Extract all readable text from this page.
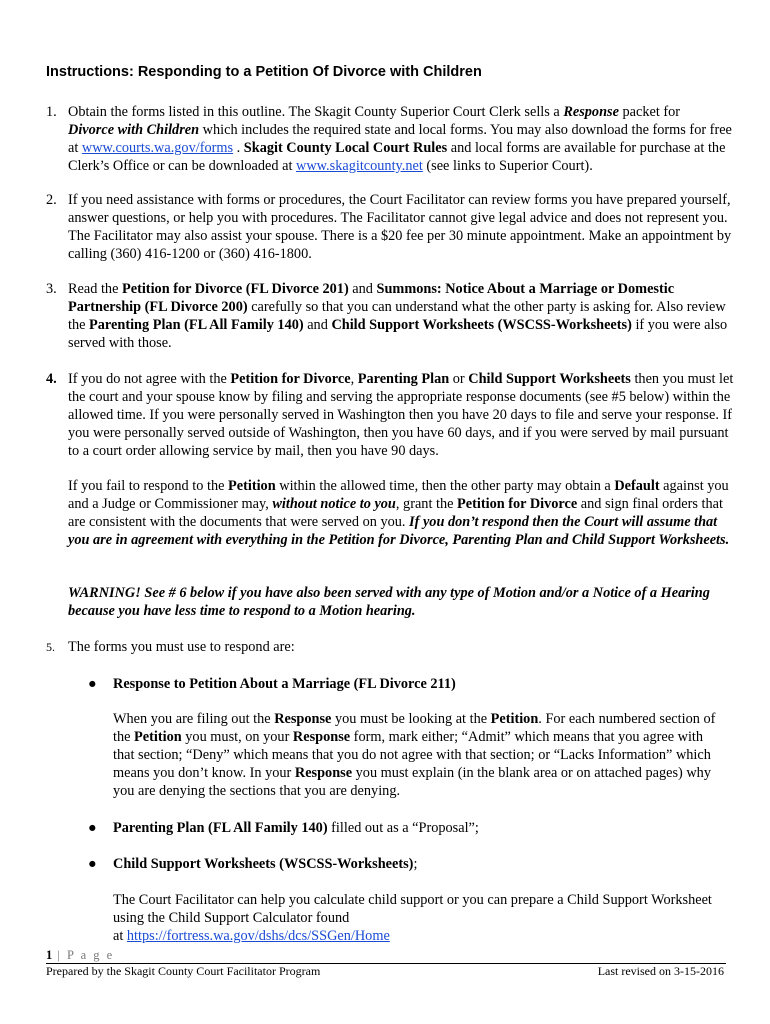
Instructions: Responding to a Petition Of Divorce with Children
1. Obtain the forms listed in this outline. The Skagit County Superior Court Clerk sells a Response packet for
Divorce with Children which includes the required state and local forms. You may also download the forms for free at www.courts.wa.gov/forms . Skagit County Local Court Rules and local forms are available for purchase at the Clerk’s Office or can be downloaded at www.skagitcounty.net (see links to Superior Court).
2. If you need assistance with forms or procedures, the Court Facilitator can review forms you have prepared yourself, answer questions, or help you with procedures. The Facilitator cannot give legal advice and does not represent you. The Facilitator may also assist your spouse. There is a $20 fee per 30 minute appointment. Make an appointment by calling (360) 416-1200 or (360) 416-1800.
3. Read the Petition for Divorce (FL Divorce 201) and Summons: Notice About a Marriage or Domestic Partnership (FL Divorce 200) carefully so that you can understand what the other party is asking for. Also review the Parenting Plan (FL All Family 140) and Child Support Worksheets (WSCSS-Worksheets) if you were also served with those.
4. If you do not agree with the Petition for Divorce, Parenting Plan or Child Support Worksheets then you must let the court and your spouse know by filing and serving the appropriate response documents (see #5 below) within the allowed time. If you were personally served in Washington then you have 20 days to file and serve your response. If you were personally served outside of Washington, then you have 60 days, and if you were served by mail pursuant to a court order allowing service by mail, then you have 90 days.
If you fail to respond to the Petition within the allowed time, then the other party may obtain a Default against you and a Judge or Commissioner may, without notice to you, grant the Petition for Divorce and sign final orders that are consistent with the documents that were served on you. If you don’t respond then the Court will assume that you are in agreement with everything in the Petition for Divorce, Parenting Plan and Child Support Worksheets.
WARNING! See # 6 below if you have also been served with any type of Motion and/or a Notice of a Hearing because you have less time to respond to a Motion hearing.
5. The forms you must use to respond are:
● Response to Petition About a Marriage (FL Divorce 211)
When you are filing out the Response you must be looking at the Petition. For each numbered section of the Petition you must, on your Response form, mark either; “Admit” which means that you agree with that section; “Deny” which means that you do not agree with that section; or “Lacks Information” which means you don’t know. In your Response you must explain (in the blank area or on attached pages) why you are denying the sections that you are denying.
● Parenting Plan (FL All Family 140) filled out as a “Proposal”;
● Child Support Worksheets (WSCSS-Worksheets);
The Court Facilitator can help you calculate child support or you can prepare a Child Support Worksheet using the Child Support Calculator found
at https://fortress.wa.gov/dshs/dcs/SSGen/Home
1 | P a g e
Prepared by the Skagit County Court Facilitator Program	Last revised on 3-15-2016
